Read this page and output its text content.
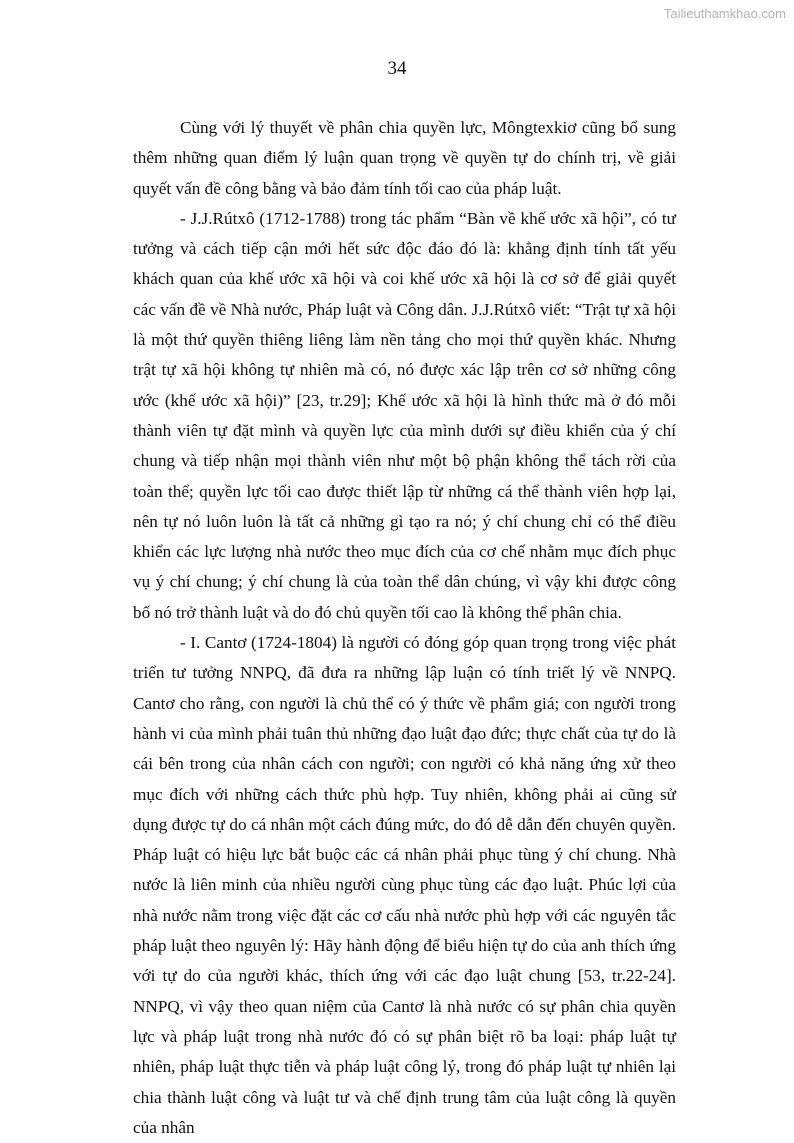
Tailieuthamkhao.com
34

Cùng với lý thuyết về phân chia quyền lực, Môngtexkiơ cũng bổ sung thêm những quan điểm lý luận quan trọng về quyền tự do chính trị, về giải quyết vấn đề công bằng và bảo đảm tính tối cao của pháp luật.

- J.J.Rútxô (1712-1788) trong tác phẩm “Bàn về khế ước xã hội”, có tư tưởng và cách tiếp cận mới hết sức độc đáo đó là: khẳng định tính tất yếu khách quan của khế ước xã hội và coi khế ước xã hội là cơ sở để giải quyết các vấn đề về Nhà nước, Pháp luật và Công dân. J.J.Rútxô viết: “Trật tự xã hội là một thứ quyền thiêng liêng làm nền tảng cho mọi thứ quyền khác. Nhưng trật tự xã hội không tự nhiên mà có, nó được xác lập trên cơ sở những công ước (khế ước xã hội)” [23, tr.29]; Khế ước xã hội là hình thức mà ở đó mỗi thành viên tự đặt mình và quyền lực của mình dưới sự điều khiển của ý chí chung và tiếp nhận mọi thành viên như một bộ phận không thể tách rời của toàn thể; quyền lực tối cao được thiết lập từ những cá thể thành viên hợp lại, nên tự nó luôn luôn là tất cả những gì tạo ra nó; ý chí chung chỉ có thể điều khiển các lực lượng nhà nước theo mục đích của cơ chế nhằm mục đích phục vụ ý chí chung; ý chí chung là của toàn thể dân chúng, vì vậy khi được công bố nó trở thành luật và do đó chủ quyền tối cao là không thể phân chia.

- I. Cantơ (1724-1804) là người có đóng góp quan trọng trong việc phát triển tư tưởng NNPQ, đã đưa ra những lập luận có tính triết lý về NNPQ. Cantơ cho rằng, con người là chủ thể có ý thức về phẩm giá; con người trong hành vi của mình phải tuân thủ những đạo luật đạo đức; thực chất của tự do là cái bên trong của nhân cách con người; con người có khả năng ứng xử theo mục đích với những cách thức phù hợp. Tuy nhiên, không phải ai cũng sử dụng được tự do cá nhân một cách đúng mức, do đó dễ dẫn đến chuyên quyền. Pháp luật có hiệu lực bắt buộc các cá nhân phải phục tùng ý chí chung. Nhà nước là liên minh của nhiều người cùng phục tùng các đạo luật. Phúc lợi của nhà nước nằm trong việc đặt các cơ cấu nhà nước phù hợp với các nguyên tắc pháp luật theo nguyên lý: Hãy hành động để biểu hiện tự do của anh thích ứng với tự do của người khác, thích ứng với các đạo luật chung [53, tr.22-24]. NNPQ, vì vậy theo quan niệm của Cantơ là nhà nước có sự phân chia quyền lực và pháp luật trong nhà nước đó có sự phân biệt rõ ba loại: pháp luật tự nhiên, pháp luật thực tiễn và pháp luật công lý, trong đó pháp luật tự nhiên lại chia thành luật công và luật tư và chế định trung tâm của luật công là quyền của nhân
